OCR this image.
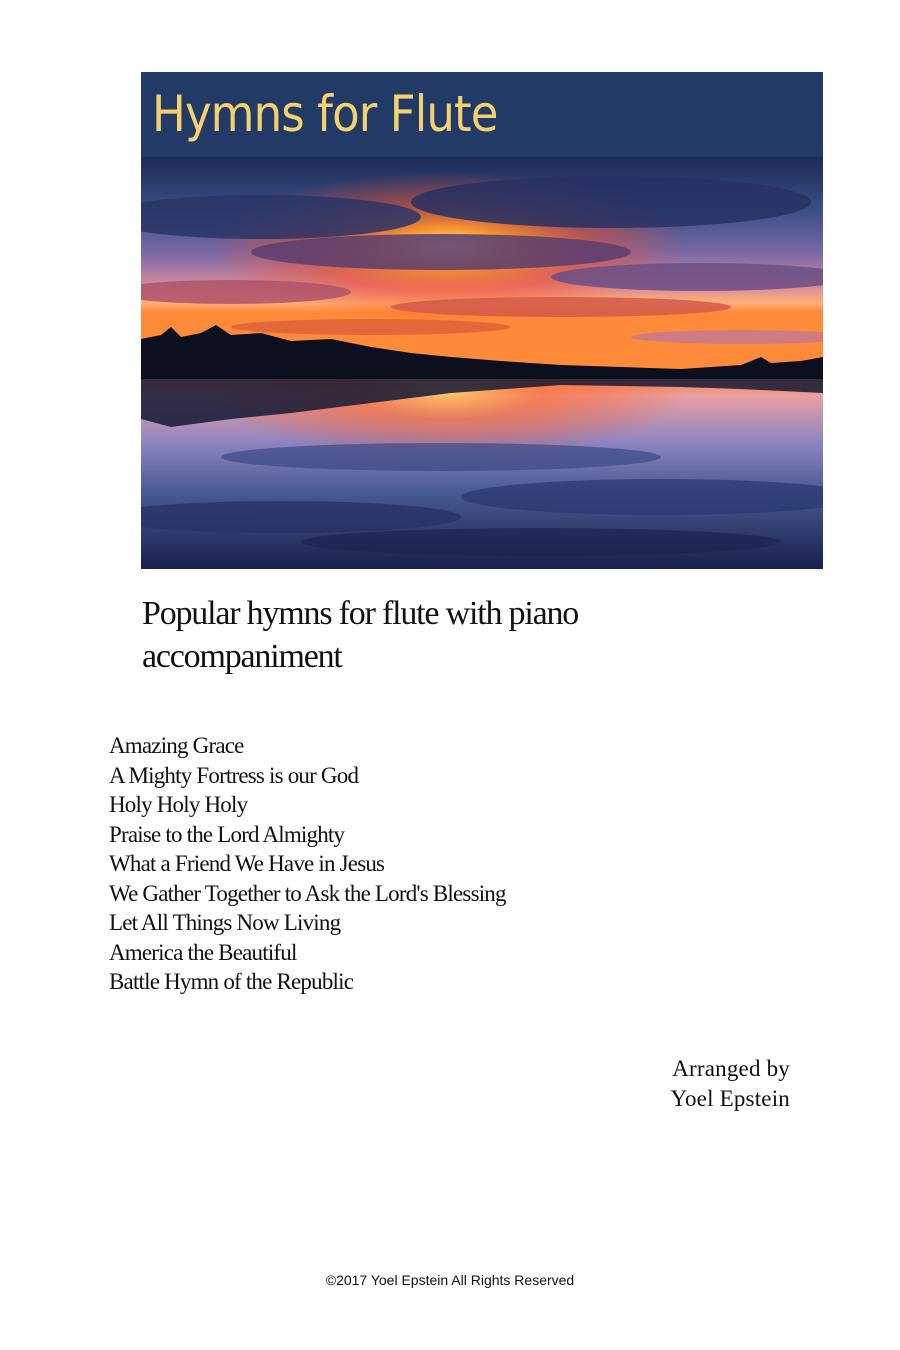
Hymns for Flute

Popular hymns for flute with piano accompaniment

Amazing Grace
A Mighty Fortress is our God
Holy Holy Holy
Praise to the Lord Almighty
What a Friend We Have in Jesus
We Gather Together to Ask the Lord's Blessing
Let All Things Now Living
America the Beautiful
Battle Hymn of the Republic
Arranged by
Yoel Epstein
©2017 Yoel Epstein All Rights Reserved
